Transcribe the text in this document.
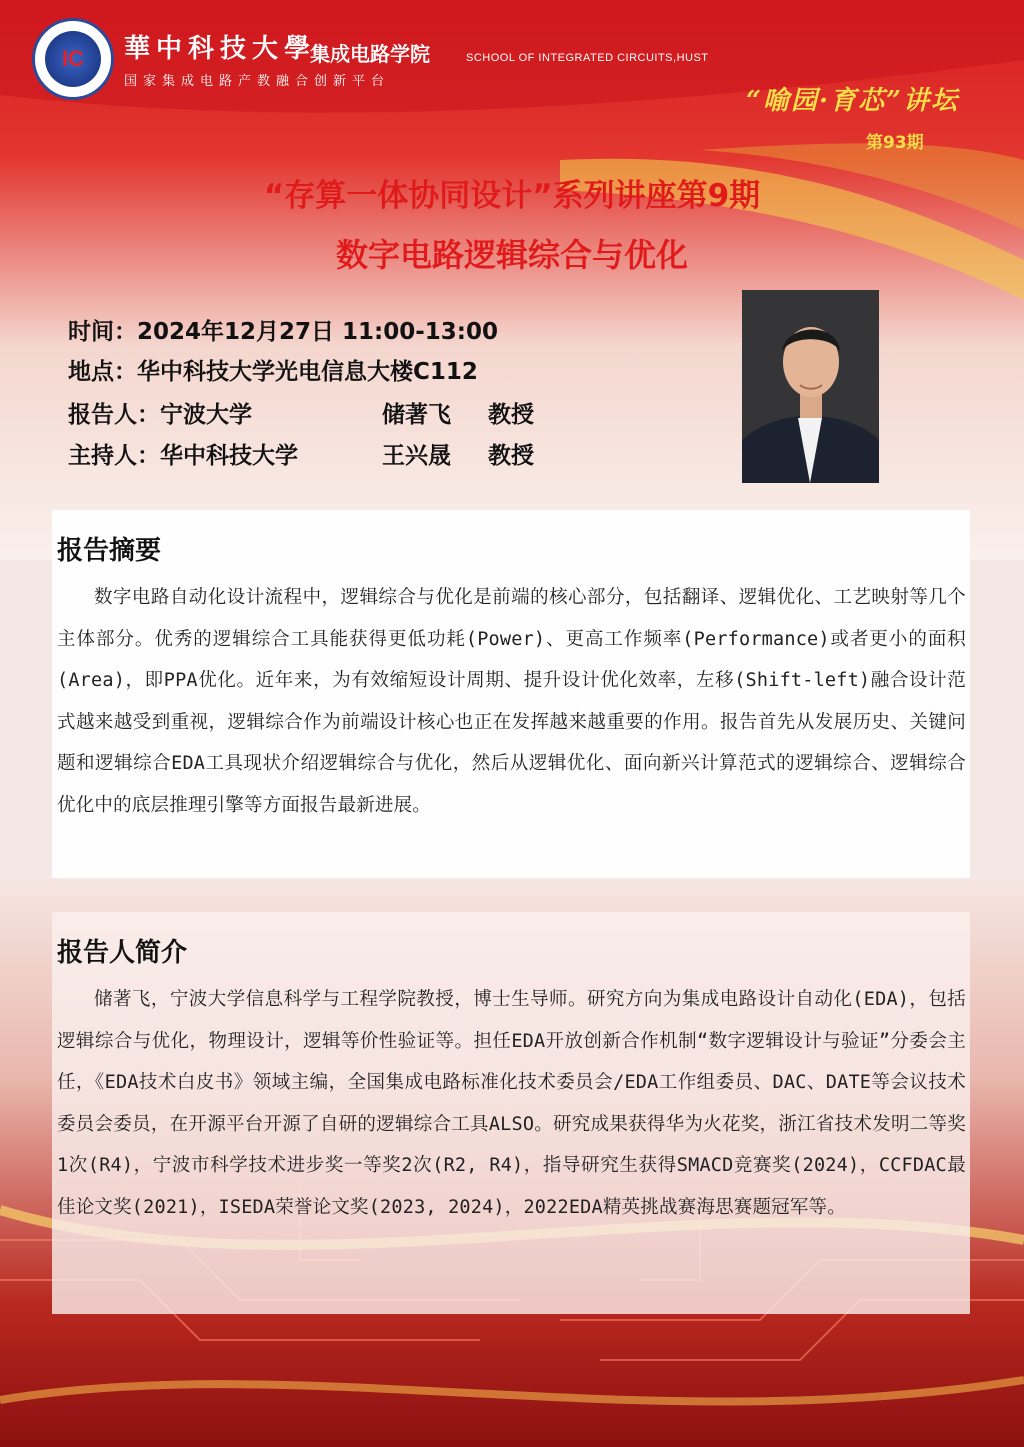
IC 華中科技大學
集成电路学院	SCHOOL OF INTEGRATED CIRCUITS,HUST
国家集成电路产教融合创新平台
“喻园·育芯”讲坛
第93期
“存算一体协同设计”系列讲座第9期
数字电路逻辑综合与优化
时间：2024年12月27日 11:00-13:00
地点：华中科技大学光电信息大楼C112
报告人：宁波大学	储著飞 教授
主持人：华中科技大学	王兴晟 教授
报告摘要

数字电路自动化设计流程中，逻辑综合与优化是前端的核心部分，包括翻译、逻辑优化、工艺映射等几个主体部分。优秀的逻辑综合工具能获得更低功耗(Power)、更高工作频率(Performance)或者更小的面积(Area)，即PPA优化。近年来，为有效缩短设计周期、提升设计优化效率，左移(Shift-left)融合设计范式越来越受到重视，逻辑综合作为前端设计核心也正在发挥越来越重要的作用。报告首先从发展历史、关键问题和逻辑综合EDA工具现状介绍逻辑综合与优化，然后从逻辑优化、面向新兴计算范式的逻辑综合、逻辑综合优化中的底层推理引擎等方面报告最新进展。

报告人简介

储著飞，宁波大学信息科学与工程学院教授，博士生导师。研究方向为集成电路设计自动化(EDA)，包括逻辑综合与优化，物理设计，逻辑等价性验证等。担任EDA开放创新合作机制“数字逻辑设计与验证”分委会主任，《EDA技术白皮书》领域主编，全国集成电路标准化技术委员会/EDA工作组委员、DAC、DATE等会议技术委员会委员，在开源平台开源了自研的逻辑综合工具ALSO。研究成果获得华为火花奖，浙江省技术发明二等奖1次(R4)，宁波市科学技术进步奖一等奖2次(R2, R4)，指导研究生获得SMACD竞赛奖(2024)，CCFDAC最佳论文奖(2021)，ISEDA荣誉论文奖(2023, 2024)，2022EDA精英挑战赛海思赛题冠军等。
